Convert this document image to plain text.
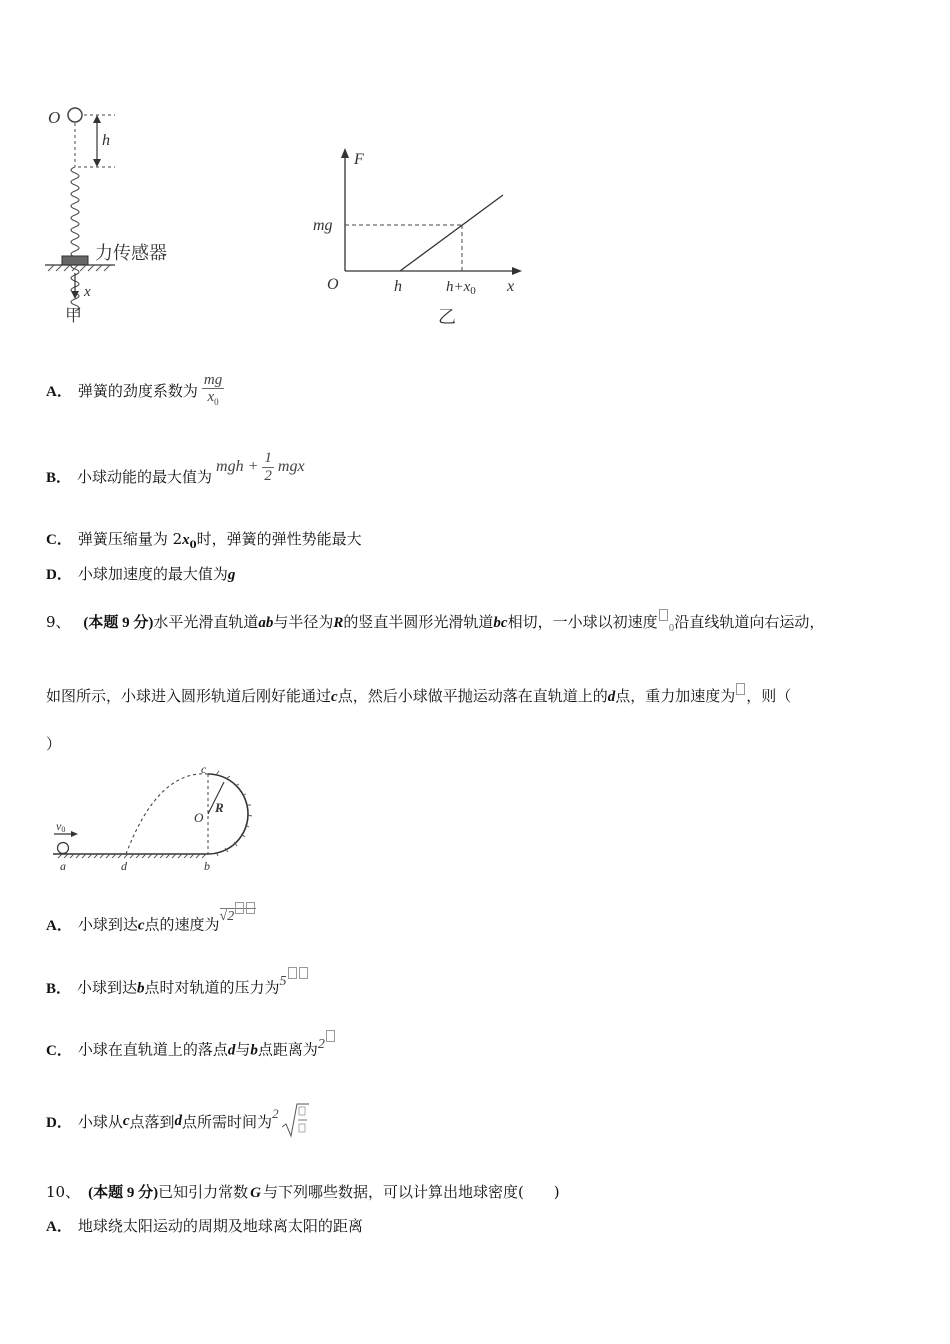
O
h
力传感器
x
甲
F
mg
O	h	$h+x_0$ x
乙
A． 弹簧的劲度系数为 $\frac{mg}{x_0}$
B． 小球动能的最大值为
mgh + $\frac{1}{2}$ mgx
C． 弹簧压缩量为 $2x_0$时，弹簧的弹性势能最大
D． 小球加速度的最大值为g
9、 (本题 9 分)水平光滑直轨道ab与半径为R的竖直半圆形光滑轨道bc相切，一小球以初速度 $_0$沿直线轨道向右运动，
如图所示，小球进入圆形轨道后刚好能通过c点，然后小球做平抛运动落在直轨道上的d点，重力加速度为 ，则（
）
v0
c
R
O
a	d	b
A． 小球到达c点的速度为√2
B． 小球到达b点时对轨道的压力为5
C． 小球在直轨道上的落点d与b点距离为2
D． 小球从 c 点落到 d 点所需时间为 2
10、 (本题 9 分)已知引力常数 G 与下列哪些数据，可以计算出地球密度(　　)
A． 地球绕太阳运动的周期及地球离太阳的距离
